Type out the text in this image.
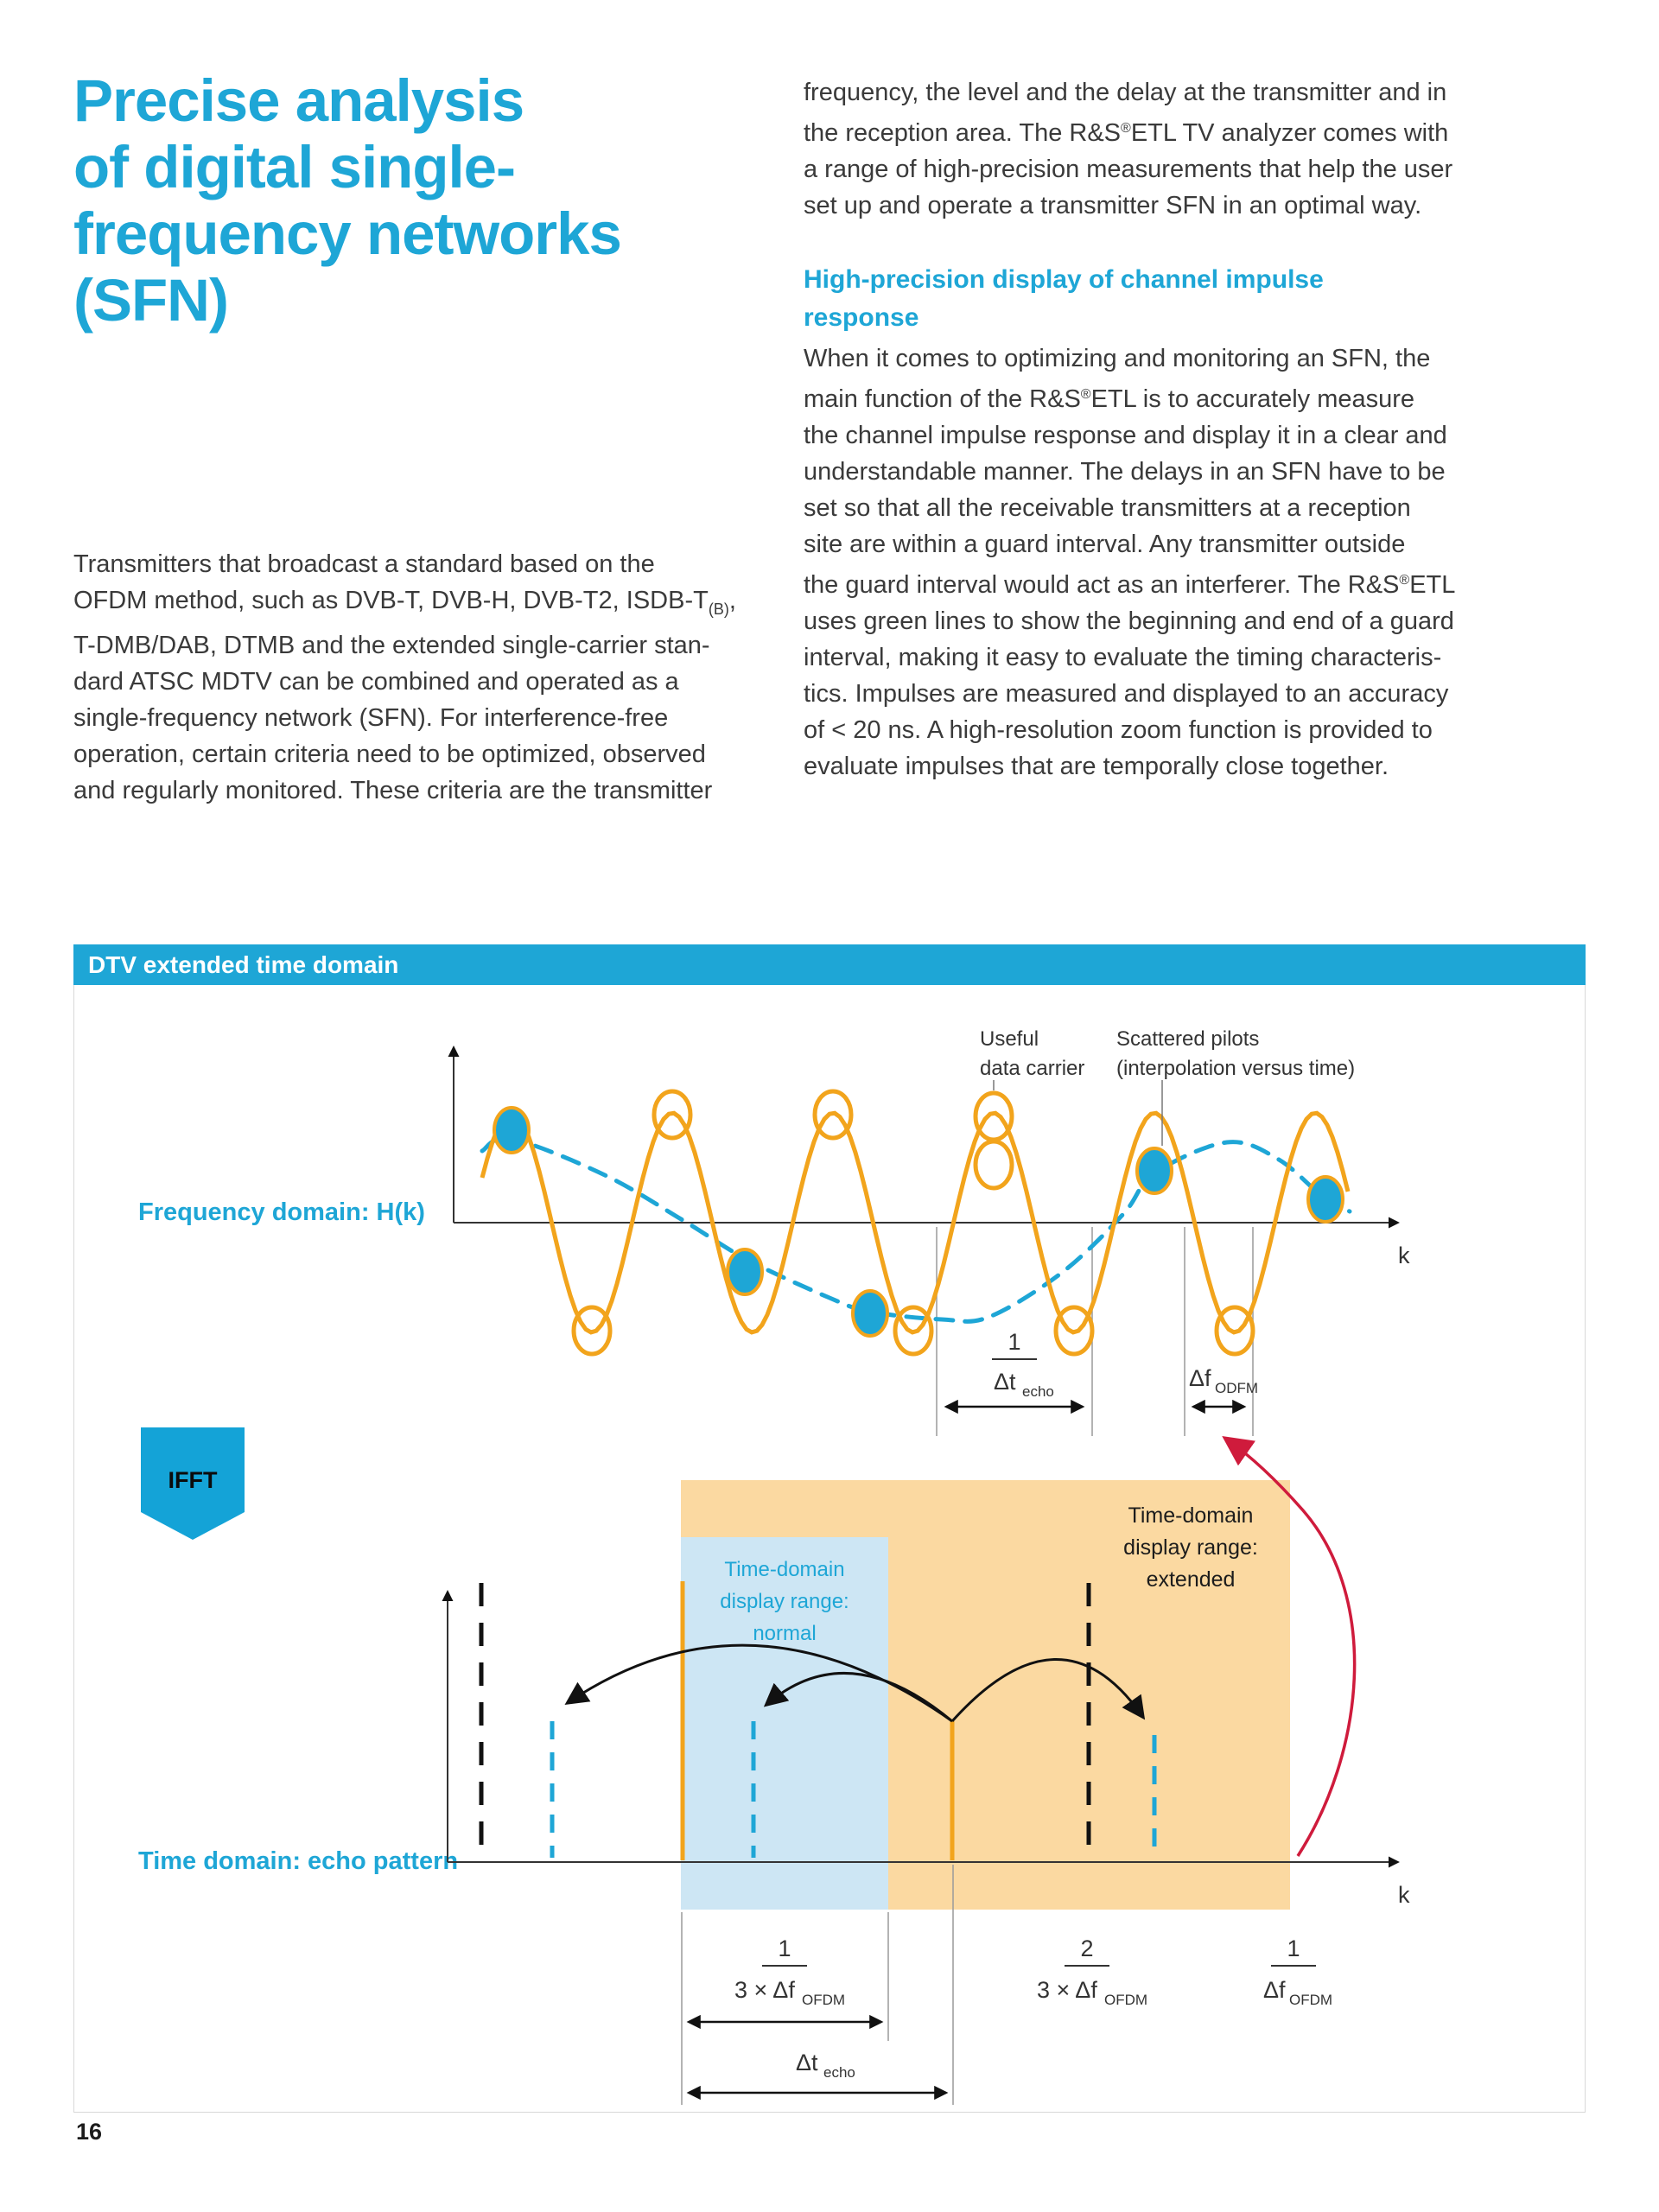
Precise analysis
of digital single-
frequency networks
(SFN)
Transmitters that broadcast a standard based on the
OFDM method, such as DVB-T, DVB-H, DVB-T2, ISDB-$T_{(B)}$,
T-DMB/DAB, DTMB and the extended single-carrier stan-
dard ATSC MDTV can be combined and operated as a
single-frequency network (SFN). For interference-free
operation, certain criteria need to be optimized, observed
and regularly monitored. These criteria are the transmitter
frequency, the level and the delay at the transmitter and in
the reception area. The R&S®ETL TV analyzer comes with
a range of high-precision measurements that help the user
set up and operate a transmitter SFN in an optimal way.
High-precision display of channel impulse
response
When it comes to optimizing and monitoring an SFN, the
main function of the R&S®ETL is to accurately measure
the channel impulse response and display it in a clear and
understandable manner. The delays in an SFN have to be
set so that all the receivable transmitters at a reception
site are within a guard interval. Any transmitter outside
the guard interval would act as an interferer. The R&S®ETL
uses green lines to show the beginning and end of a guard
interval, making it easy to evaluate the timing characteris-
tics. Impulses are measured and displayed to an accuracy
of < 20 ns. A high-resolution zoom function is provided to
evaluate impulses that are temporally close together.
DTV extended time domain
Frequency domain: H(k)
k
Useful
data carrier
Scattered pilots
(interpolation versus time)
1
Δt echo
Δf ODFM
IFFT
Time-domain
display range:
normal
Time-domain
display range:
extended
Time domain: echo pattern
k
1
3 × Δf OFDM
2
3 × Δf OFDM
1
Δf OFDM
Δt echo
16
